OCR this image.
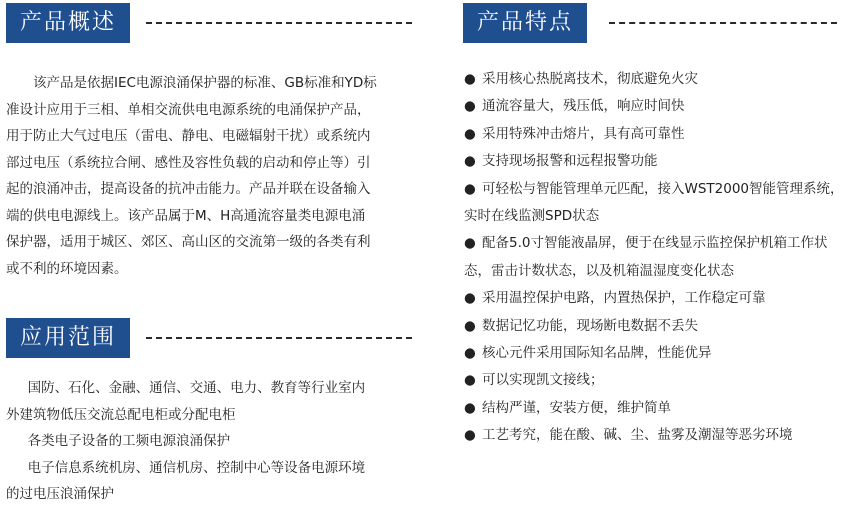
产品概述
该产品是依据IEC电源浪涌保护器的标准、GB标准和YD标准设计应用于三相、单相交流供电电源系统的电涌保护产品，用于防止大气过电压（雷电、静电、电磁辐射干扰）或系统内部过电压（系统拉合闸、感性及容性负载的启动和停止等）引起的浪涌冲击，提高设备的抗冲击能力。产品并联在设备输入端的供电电源线上。该产品属于M、H高通流容量类电源电涌保护器，适用于城区、郊区、高山区的交流第一级的各类有利或不利的环境因素。
应用范围

国防、石化、金融、通信、交通、电力、教育等行业室内外建筑物低压交流总配电柜或分配电柜

各类电子设备的工频电源浪涌保护

电子信息系统机房、通信机房、控制中心等设备电源环境的过电压浪涌保护

产品特点
● 采用核心热脱离技术，彻底避免火灾
● 通流容量大，残压低，响应时间快
● 采用特殊冲击熔片，具有高可靠性
● 支持现场报警和远程报警功能
● 可轻松与智能管理单元匹配，接入WST2000智能管理系统，实时在线监测SPD状态
● 配备5.0寸智能液晶屏，便于在线显示监控保护机箱工作状态，雷击计数状态，以及机箱温湿度变化状态
● 采用温控保护电路，内置热保护，工作稳定可靠
● 数据记忆功能，现场断电数据不丢失
● 核心元件采用国际知名品牌，性能优异
● 可以实现凯文接线；
● 结构严谨，安装方便，维护简单
● 工艺考究，能在酸、碱、尘、盐雾及潮湿等恶劣环境
